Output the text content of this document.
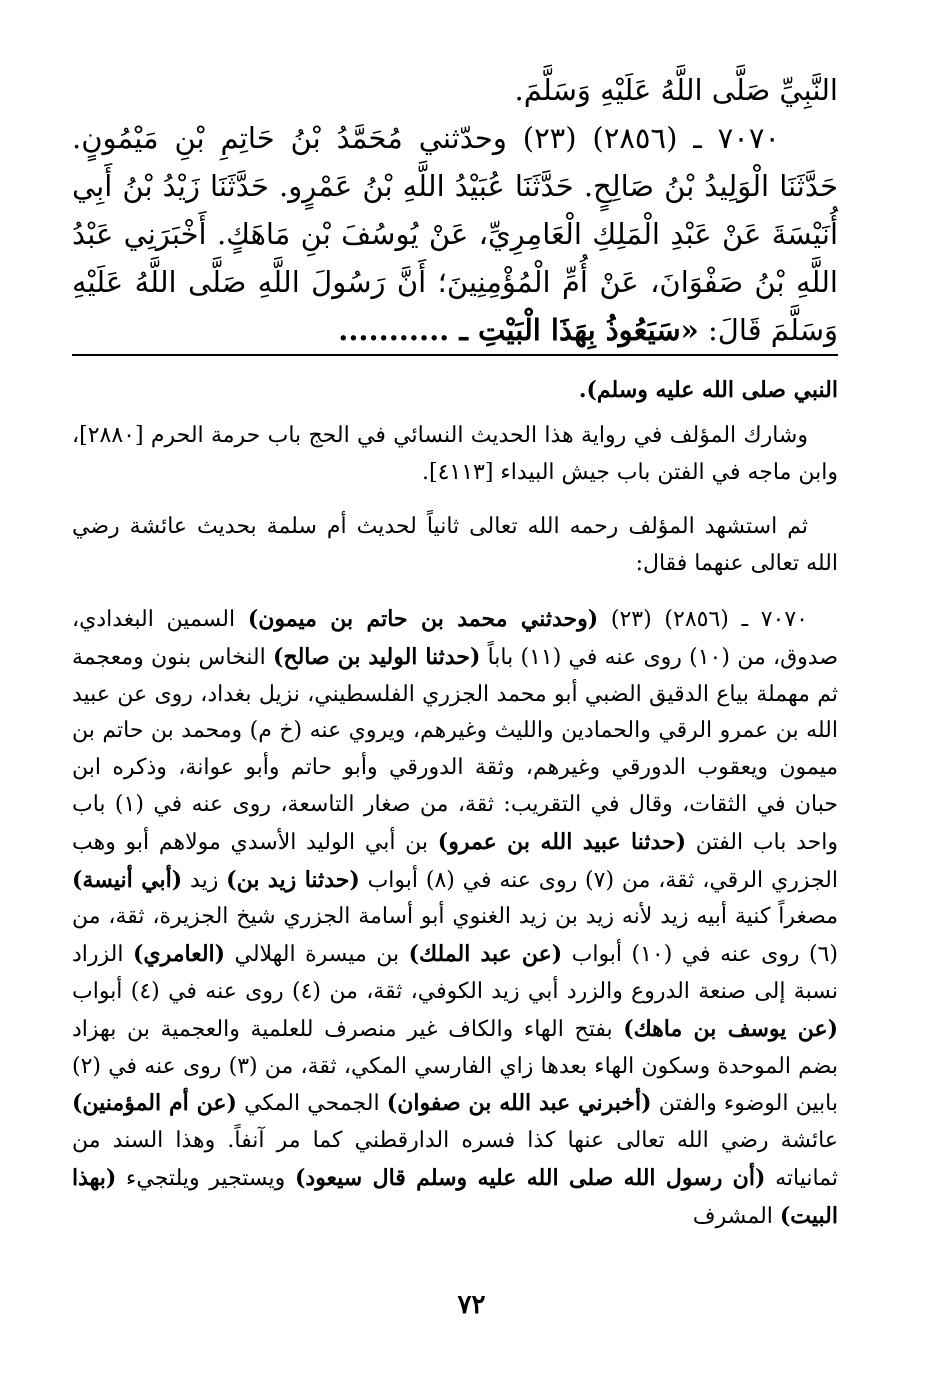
النَّبِيِّ صَلَّى اللَّهُ عَلَيْهِ وَسَلَّمَ.

٧٠٧٠ ـ (٢٨٥٦) (٢٣) وحدّثني مُحَمَّدُ بْنُ حَاتِمِ بْنِ مَيْمُونٍ. حَدَّثَنَا الْوَلِيدُ بْنُ صَالِحٍ. حَدَّثَنَا عُبَيْدُ اللَّهِ بْنُ عَمْرٍو. حَدَّثَنَا زَيْدُ بْنُ أَبِي أُنَيْسَةَ عَنْ عَبْدِ الْمَلِكِ الْعَامِرِيِّ، عَنْ يُوسُفَ بْنِ مَاهَكٍ. أَخْبَرَنِي عَبْدُ اللَّهِ بْنُ صَفْوَانَ، عَنْ أُمِّ الْمُؤْمِنِينَ؛ أَنَّ رَسُولَ اللَّهِ صَلَّى اللَّهُ عَلَيْهِ وَسَلَّمَ قَالَ: «سَيَعُوذُ بِهَذَا الْبَيْتِ ـ ...........

النبي صلى الله عليه وسلم).

وشارك المؤلف في رواية هذا الحديث النسائي في الحج باب حرمة الحرم [٢٨٨٠]، وابن ماجه في الفتن باب جيش البيداء [٤١١٣].

ثم استشهد المؤلف رحمه الله تعالى ثانياً لحديث أم سلمة بحديث عائشة رضي الله تعالى عنهما فقال:

٧٠٧٠ ـ (٢٨٥٦) (٢٣) (وحدثني محمد بن حاتم بن ميمون) السمين البغدادي، صدوق، من (١٠) روى عنه في (١١) باباً (حدثنا الوليد بن صالح) النخاس بنون ومعجمة ثم مهملة بياع الدقيق الضبي أبو محمد الجزري الفلسطيني، نزيل بغداد، روى عن عبيد الله بن عمرو الرقي والحمادين والليث وغيرهم، ويروي عنه (خ م) ومحمد بن حاتم بن ميمون ويعقوب الدورقي وغيرهم، وثقة الدورقي وأبو حاتم وأبو عوانة، وذكره ابن حبان في الثقات، وقال في التقريب: ثقة، من صغار التاسعة، روى عنه في (١) باب واحد باب الفتن (حدثنا عبيد الله بن عمرو) بن أبي الوليد الأسدي مولاهم أبو وهب الجزري الرقي، ثقة، من (٧) روى عنه في (٨) أبواب (حدثنا زيد بن) زيد (أبي أنيسة) مصغراً كنية أبيه زيد لأنه زيد بن زيد الغنوي أبو أسامة الجزري شيخ الجزيرة، ثقة، من (٦) روى عنه في (١٠) أبواب (عن عبد الملك) بن ميسرة الهلالي (العامري) الزراد نسبة إلى صنعة الدروع والزرد أبي زيد الكوفي، ثقة، من (٤) روى عنه في (٤) أبواب (عن يوسف بن ماهك) بفتح الهاء والكاف غير منصرف للعلمية والعجمية بن بهزاد بضم الموحدة وسكون الهاء بعدها زاي الفارسي المكي، ثقة، من (٣) روى عنه في (٢) بابين الوضوء والفتن (أخبرني عبد الله بن صفوان) الجمحي المكي (عن أم المؤمنين) عائشة رضي الله تعالى عنها كذا فسره الدارقطني كما مر آنفاً. وهذا السند من ثمانياته (أن رسول الله صلى الله عليه وسلم قال سيعود) ويستجير ويلتجيء (بهذا البيت) المشرف

٧٢
